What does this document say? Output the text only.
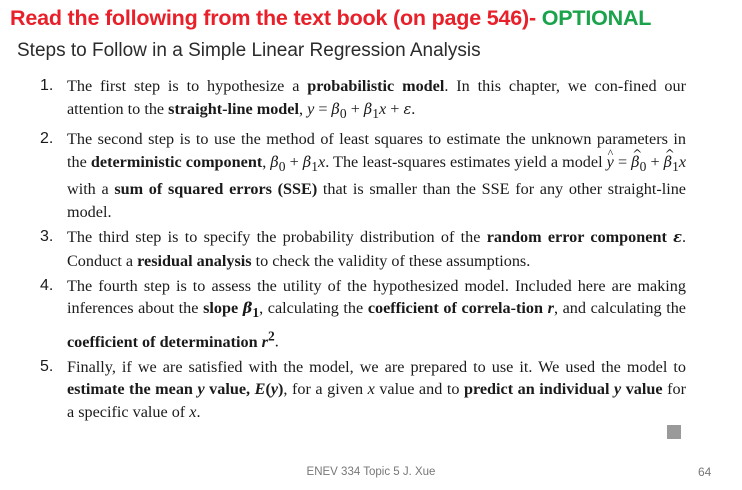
Read the following from the text book (on page 546)- OPTIONAL
Steps to Follow in a Simple Linear Regression Analysis
1. The first step is to hypothesize a probabilistic model. In this chapter, we con-fined our attention to the straight-line model, $y = \beta_0 + \beta_1x + \varepsilon$.
2. The second step is to use the method of least squares to estimate the unknown parameters in the deterministic component, $\beta_0 + \beta_1x$. The least-squares estimates yield a model ^ y = ^ $\beta_0$ + ^ $\beta_1x$ with a sum of squared errors (SSE) that is smaller than the SSE for any other straight-line model.
3. The third step is to specify the probability distribution of the random error component ε. Conduct a residual analysis to check the validity of these assumptions.
4. The fourth step is to assess the utility of the hypothesized model. Included here are making inferences about the slope $\beta_1$, calculating the coefficient of correla-tion r, and calculating the coefficient of determination $r^2$.
5. Finally, if we are satisfied with the model, we are prepared to use it. We used the model to estimate the mean y value, E(y), for a given x value and to predict an individual y value for a specific value of x.
ENEV 334 Topic 5 J. Xue	64
